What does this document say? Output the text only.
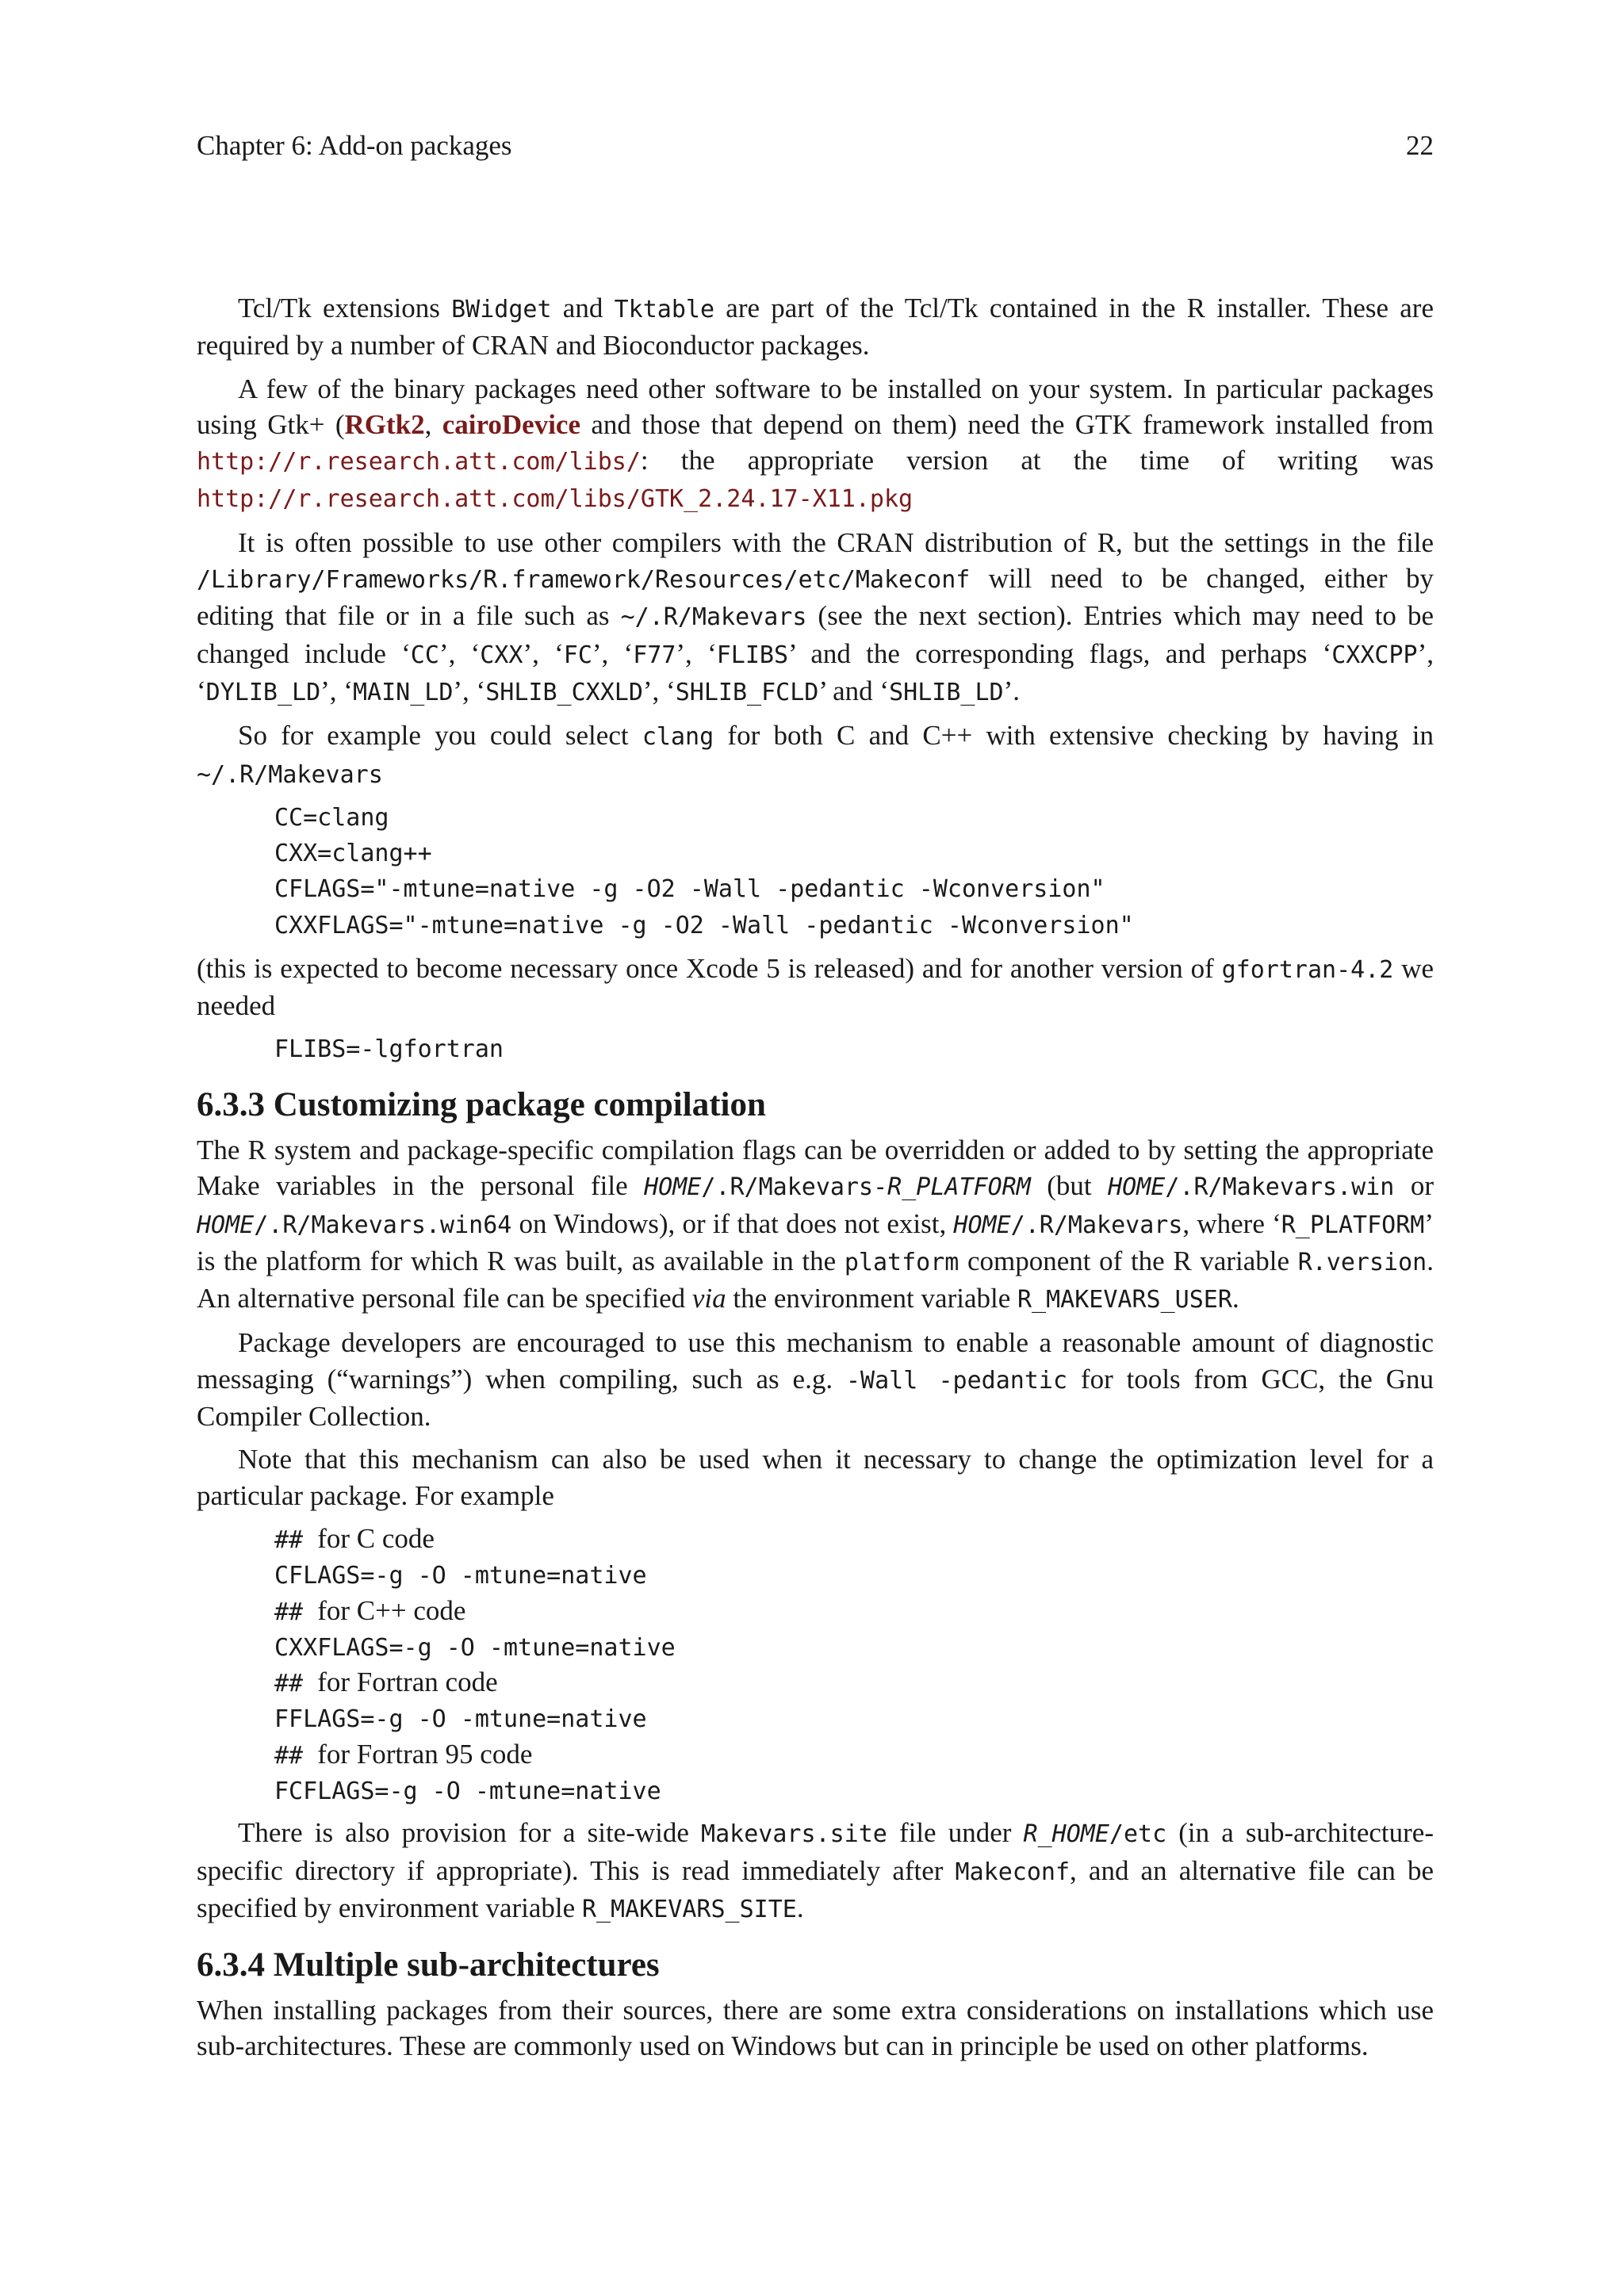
Chapter 6: Add-on packages	22

Tcl/Tk extensions BWidget and Tktable are part of the Tcl/Tk contained in the R installer. These are required by a number of CRAN and Bioconductor packages.

A few of the binary packages need other software to be installed on your system. In particular packages using Gtk+ (RGtk2, cairoDevice and those that depend on them) need the GTK framework installed from http://r.research.att.com/libs/: the appropriate version at the time of writing was http://r.research.att.com/libs/GTK_2.24.17-X11.pkg

It is often possible to use other compilers with the CRAN distribution of R, but the settings in the file /Library/Frameworks/R.framework/Resources/etc/Makeconf will need to be changed, either by editing that file or in a file such as ~/.R/Makevars (see the next section). Entries which may need to be changed include ‘CC’, ‘CXX’, ‘FC’, ‘F77’, ‘FLIBS’ and the corresponding flags, and perhaps ‘CXXCPP’, ‘DYLIB_LD’, ‘MAIN_LD’, ‘SHLIB_CXXLD’, ‘SHLIB_FCLD’ and ‘SHLIB_LD’.

So for example you could select clang for both C and C++ with extensive checking by having in ~/.R/Makevars

CC=clang
CXX=clang++
CFLAGS="-mtune=native -g -O2 -Wall -pedantic -Wconversion"
CXXFLAGS="-mtune=native -g -O2 -Wall -pedantic -Wconversion"

(this is expected to become necessary once Xcode 5 is released) and for another version of gfortran-4.2 we needed

FLIBS=-lgfortran
6.3.3 Customizing package compilation

The R system and package-specific compilation flags can be overridden or added to by setting the appropriate Make variables in the personal file HOME/.R/Makevars-R_PLATFORM (but HOME/.R/Makevars.win or HOME/.R/Makevars.win64 on Windows), or if that does not exist, HOME/.R/Makevars, where ‘R_PLATFORM’ is the platform for which R was built, as available in the platform component of the R variable R.version. An alternative personal file can be specified via the environment variable R_MAKEVARS_USER.

Package developers are encouraged to use this mechanism to enable a reasonable amount of diagnostic messaging (“warnings”) when compiling, such as e.g. -Wall -pedantic for tools from GCC, the Gnu Compiler Collection.

Note that this mechanism can also be used when it necessary to change the optimization level for a particular package. For example

## for C code
CFLAGS=-g -O -mtune=native
## for C++ code
CXXFLAGS=-g -O -mtune=native
## for Fortran code
FFLAGS=-g -O -mtune=native
## for Fortran 95 code
FCFLAGS=-g -O -mtune=native

There is also provision for a site-wide Makevars.site file under R_HOME/etc (in a sub-architecture-specific directory if appropriate). This is read immediately after Makeconf, and an alternative file can be specified by environment variable R_MAKEVARS_SITE.

6.3.4 Multiple sub-architectures

When installing packages from their sources, there are some extra considerations on installations which use sub-architectures. These are commonly used on Windows but can in principle be used on other platforms.
